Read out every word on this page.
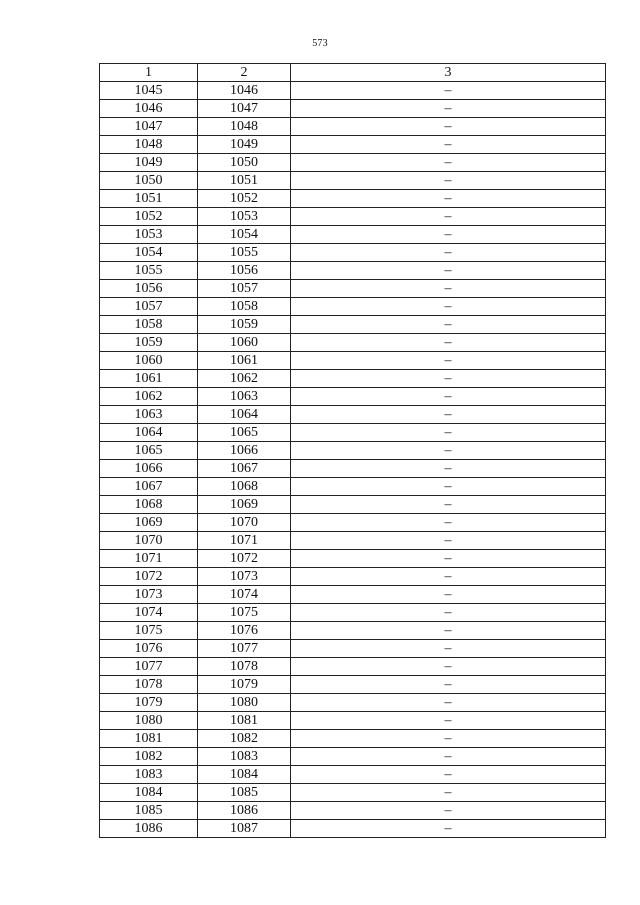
573
1	2	3
1045	1046	–
1046	1047	–
1047	1048	–
1048	1049	–
1049	1050	–
1050	1051	–
1051	1052	–
1052	1053	–
1053	1054	–
1054	1055	–
1055	1056	–
1056	1057	–
1057	1058	–
1058	1059	–
1059	1060	–
1060	1061	–
1061	1062	–
1062	1063	–
1063	1064	–
1064	1065	–
1065	1066	–
1066	1067	–
1067	1068	–
1068	1069	–
1069	1070	–
1070	1071	–
1071	1072	–
1072	1073	–
1073	1074	–
1074	1075	–
1075	1076	–
1076	1077	–
1077	1078	–
1078	1079	–
1079	1080	–
1080	1081	–
1081	1082	–
1082	1083	–
1083	1084	–
1084	1085	–
1085	1086	–
1086	1087	–
